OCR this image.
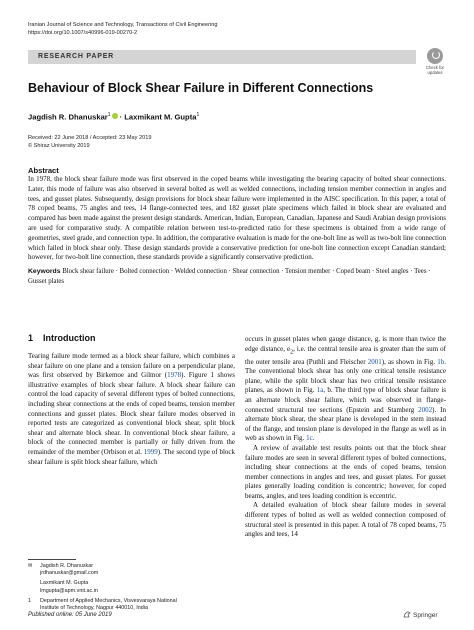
Iranian Journal of Science and Technology, Transactions of Civil Engineering
https://doi.org/10.1007/s40996-019-00270-2
RESEARCH PAPER
Check for
updates
Behaviour of Block Shear Failure in Different Connections
Jagdish R. Dhanuskar$^1$ · Laxmikant M. Gupta$^1$
Received: 22 June 2018 / Accepted: 23 May 2019
© Shiraz University 2019
Abstract
In 1978, the block shear failure mode was first observed in the coped beams while investigating the bearing capacity of bolted shear connections. Later, this mode of failure was also observed in several bolted as well as welded connections, including tension member connection in angles and tees, and gusset plates. Subsequently, design provisions for block shear failure were implemented in the AISC specification. In this paper, a total of 78 coped beams, 75 angles and tees, 14 flange-connected tees, and 182 gusset plate specimens which failed in block shear are evaluated and compared has been made against the present design standards. American, Indian, European, Canadian, Japanese and Saudi Arabian design provisions are used for comparative study. A compatible relation between test-to-predicted ratio for these specimens is obtained from a wide range of geometries, steel grade, and connection type. In addition, the comparative evaluation is made for the one-bolt line as well as two-bolt line connection which failed in block shear only. These design standards provide a conservative prediction for one-bolt line connection except Canadian standard; however, for two-bolt line connection, these standards provide a significantly conservative prediction.
Keywords Block shear failure · Bolted connection · Welded connection · Shear connection · Tension member · Coped beam · Steel angles · Tees · Gusset plates
1 Introduction

Tearing failure mode termed as a block shear failure, which combines a shear failure on one plane and a tension failure on a perpendicular plane, was first observed by Birkemoe and Gilmor (1978). Figure 1 shows illustrative examples of block shear failure. A block shear failure can control the load capacity of several different types of bolted connections, including shear connections at the ends of coped beams, tension member connections and gusset plates. Block shear failure modes observed in reported tests are categorized as conventional block shear, split block shear and alternate block shear. In conventional block shear failure, a block of the connected member is partially or fully driven from the remainder of the member (Orbison et al. 1999). The second type of block shear failure is split block shear failure, which

occurs in gusset plates when gauge distance, g, is more than twice the edge distance, $e_2$, i.e. the central tensile area is greater than the sum of the outer tensile area (Puthli and Fleischer 2001), as shown in Fig. 1b. The conventional block shear has only one critical tensile resistance plane, while the split block shear has two critical tensile resistance planes, as shown in Fig. 1a, b. The third type of block shear failure is an alternate block shear failure, which was observed in flange-connected structural tee sections (Epstein and Stamberg 2002). In alternate block shear, the shear plane is developed in the stem instead of the flange, and tension plane is developed in the flange as well as in web as shown in Fig. 1c.

A review of available test results points out that the block shear failure modes are seen in several different types of bolted connections, including shear connections at the ends of coped beams, tension member connections in angles and tees, and gusset plates. For gusset plates generally loading condition is concentric; however, for coped beams, angles, and tees loading condition is eccentric.

A detailed evaluation of block shear failure modes in several different types of bolted as well as welded connection composed of structural steel is presented in this paper. A total of 78 coped beams, 75 angles and tees, 14

✉	Jagdish R. Dhanuskar
jrdhanuskar@gmail.com
Laxmikant M. Gupta
lmgupta@apm.vnit.ac.in
1	Department of Applied Mechanics, Visvesvaraya National
Institute of Technology, Nagpur 440010, India
Published online: 05 June 2019	Springer
